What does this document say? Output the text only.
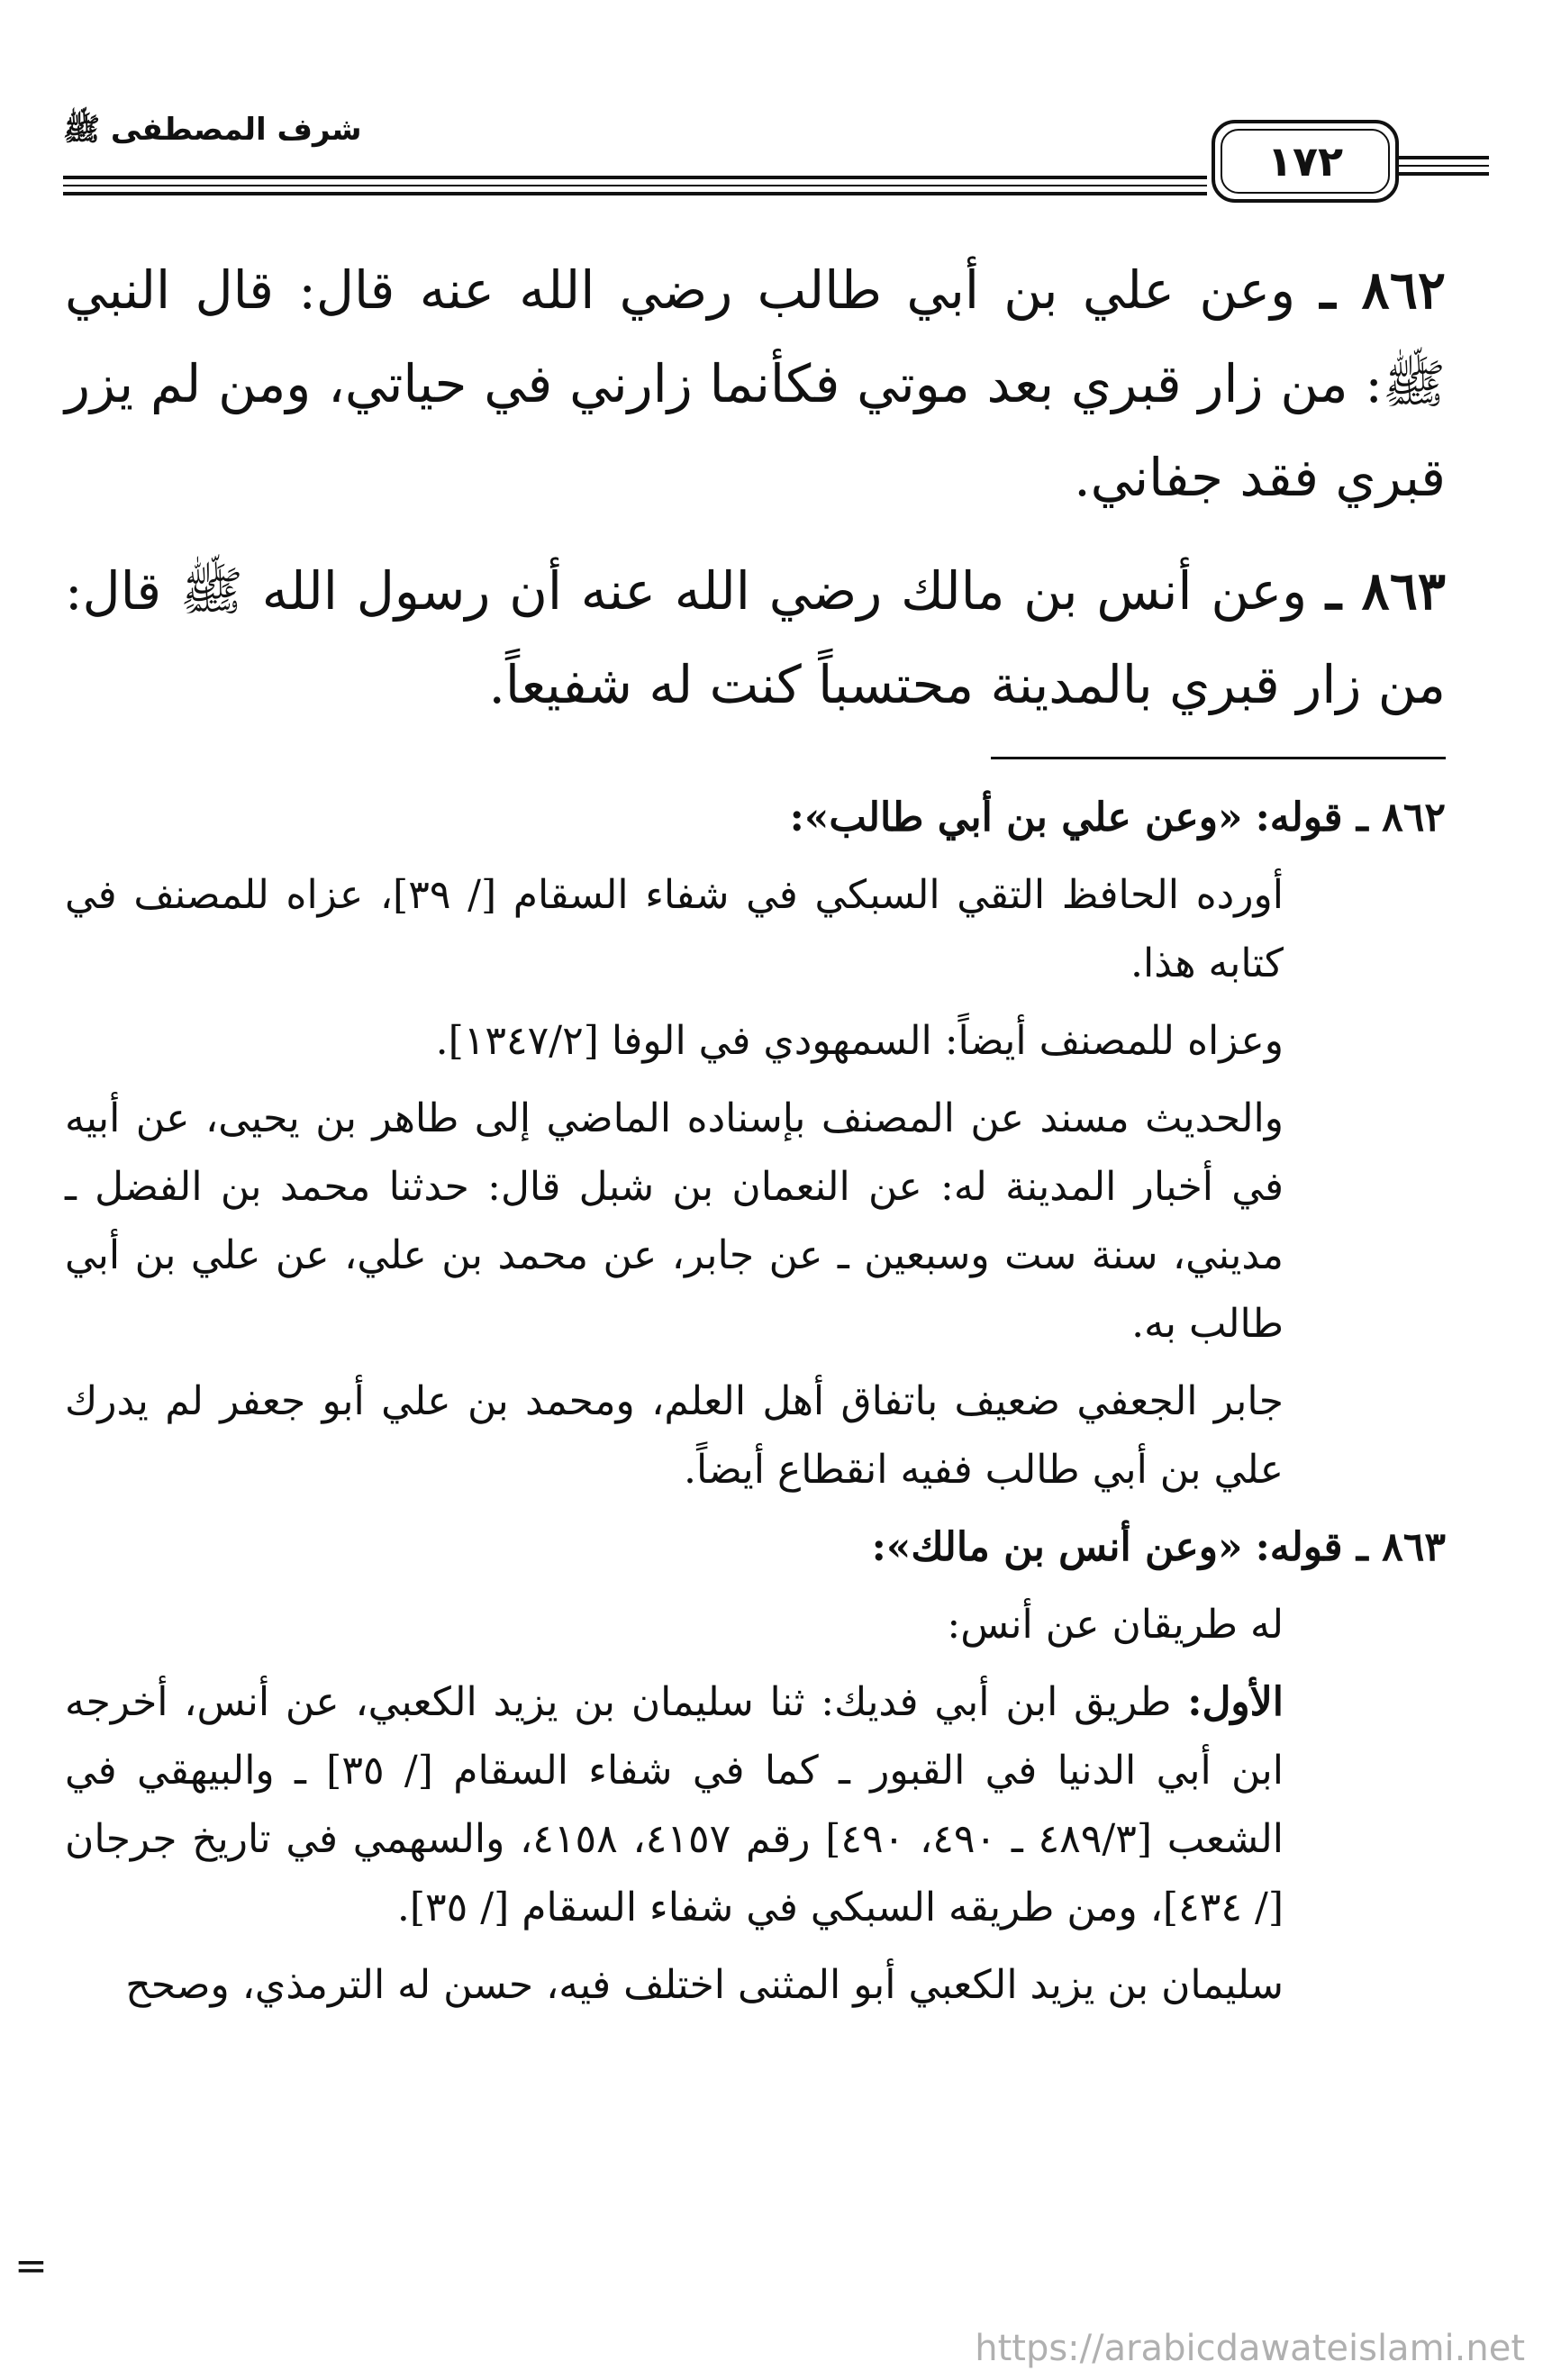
شرف المصطفى ﷺ
١٧٢

٨٦٢ ـ وعن علي بن أبي طالب رضي الله عنه قال: قال النبي ﷺ: من زار قبري بعد موتي فكأنما زارني في حياتي، ومن لم يزر قبري فقد جفاني.

٨٦٣ ـ وعن أنس بن مالك رضي الله عنه أن رسول الله ﷺ قال: من زار قبري بالمدينة محتسباً كنت له شفيعاً.

٨٦٢ ـ قوله: «وعن علي بن أبي طالب»:

أورده الحافظ التقي السبكي في شفاء السقام [/ ٣٩]، عزاه للمصنف في كتابه هذا.

وعزاه للمصنف أيضاً: السمهودي في الوفا [١٣٤٧/٢].

والحديث مسند عن المصنف بإسناده الماضي إلى طاهر بن يحيى، عن أبيه في أخبار المدينة له: عن النعمان بن شبل قال: حدثنا محمد بن الفضل ـ مديني، سنة ست وسبعين ـ عن جابر، عن محمد بن علي، عن علي بن أبي طالب به.

جابر الجعفي ضعيف باتفاق أهل العلم، ومحمد بن علي أبو جعفر لم يدرك علي بن أبي طالب ففيه انقطاع أيضاً.

٨٦٣ ـ قوله: «وعن أنس بن مالك»:

له طريقان عن أنس:

الأول: طريق ابن أبي فديك: ثنا سليمان بن يزيد الكعبي، عن أنس، أخرجه ابن أبي الدنيا في القبور ـ كما في شفاء السقام [/ ٣٥] ـ والبيهقي في الشعب [٤٨٩/٣ ـ ٤٩٠، ٤٩٠] رقم ٤١٥٧، ٤١٥٨، والسهمي في تاريخ جرجان [/ ٤٣٤]، ومن طريقه السبكي في شفاء السقام [/ ٣٥].

سليمان بن يزيد الكعبي أبو المثنى اختلف فيه، حسن له الترمذي، وصحح

=
https://arabicdawateislami.net
